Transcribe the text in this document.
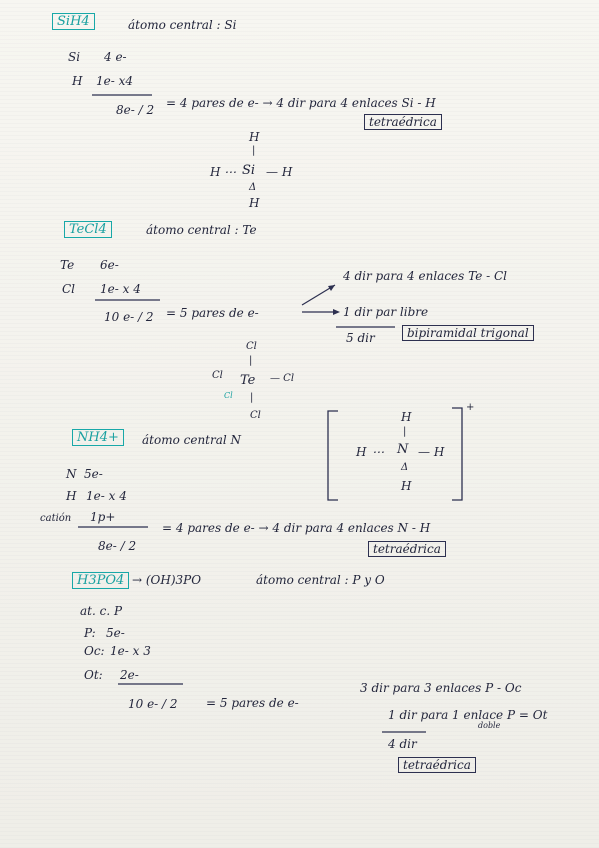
SiH4	átomo central : Si
Si 4 e-
H 1e- x4
8e- / 2 = 4 pares de e- → 4 dir para 4 enlaces Si - H
tetraédrica
H
|
H ⋯ Si — H
Δ
H
TeCl4	átomo central : Te
Te 6e-
Cl 1e- x 4
10 e- / 2 = 5 pares de e-
4 dir para 4 enlaces Te - Cl
1 dir par libre
5 dir	bipiramidal trigonal
Cl
|
Cl Te — Cl
Cl |
Cl
NH4+	átomo central N
N 5e-
H 1e- x 4
catión 1p+
8e- / 2
= 4 pares de e- → 4 dir para 4 enlaces N - H
tetraédrica
+
H
|
H ⋯ N — H
Δ
H
H3PO4 → (OH)3PO	átomo central : P y O
at. c. P
P: 5e-
Oc: 1e- x 3
Ot: 2e-
10 e- / 2 = 5 pares de e-
3 dir para 3 enlaces P - Oc
1 dir para 1 enlace P = Ot
doble
4 dir
tetraédrica
